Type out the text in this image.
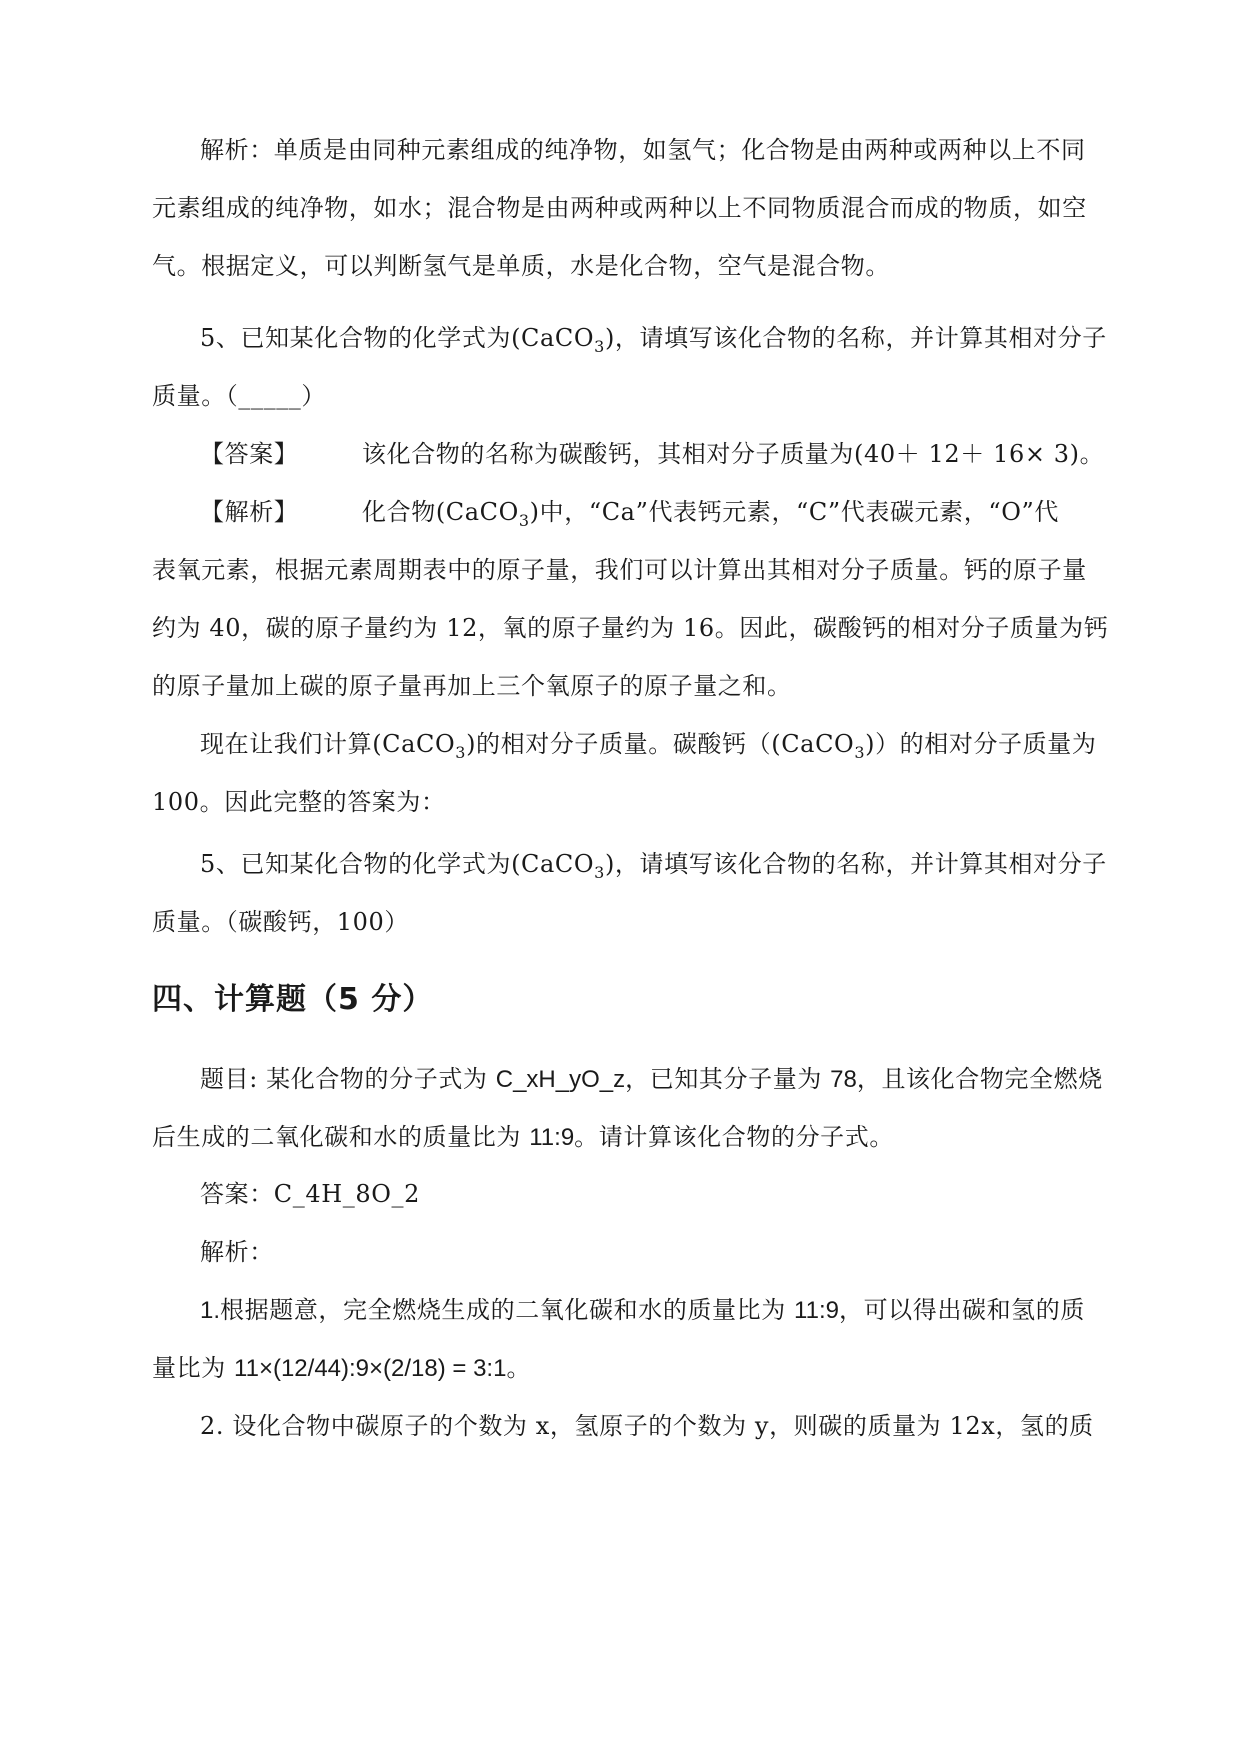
解析：单质是由同种元素组成的纯净物，如氢气；化合物是由两种或两种以上不同
元素组成的纯净物，如水；混合物是由两种或两种以上不同物质混合而成的物质，如空
气。根据定义，可以判断氢气是单质，水是化合物，空气是混合物。
5、已知某化合物的化学式为(CaCO$_3$)，请填写该化合物的名称，并计算其相对分子
质量。（_____）
【答案】	该化合物的名称为碳酸钙，其相对分子质量为(40＋ 12＋ 16× 3)。
【解析】	化合物(CaCO$_3$)中，“Ca”代表钙元素，“C”代表碳元素，“O”代
表氧元素，根据元素周期表中的原子量，我们可以计算出其相对分子质量。钙的原子量
约为 40，碳的原子量约为 12，氧的原子量约为 16。因此，碳酸钙的相对分子质量为钙
的原子量加上碳的原子量再加上三个氧原子的原子量之和。
现在让我们计算(CaCO$_3$)的相对分子质量。碳酸钙（(CaCO$_3$)）的相对分子质量为
100。因此完整的答案为：
5、已知某化合物的化学式为(CaCO$_3$)，请填写该化合物的名称，并计算其相对分子
质量。（碳酸钙，100）
四、计算题（5 分）
题目: 某化合物的分子式为 C_xH_yO_z，已知其分子量为 78，且该化合物完全燃烧
后生成的二氧化碳和水的质量比为 11:9。请计算该化合物的分子式。
答案：C_4H_8O_2
解析：
1.根据题意，完全燃烧生成的二氧化碳和水的质量比为 11:9，可以得出碳和氢的质
量比为 11×(12/44):9×(2/18) = 3:1。
2. 设化合物中碳原子的个数为 x，氢原子的个数为 y，则碳的质量为 12x，氢的质
